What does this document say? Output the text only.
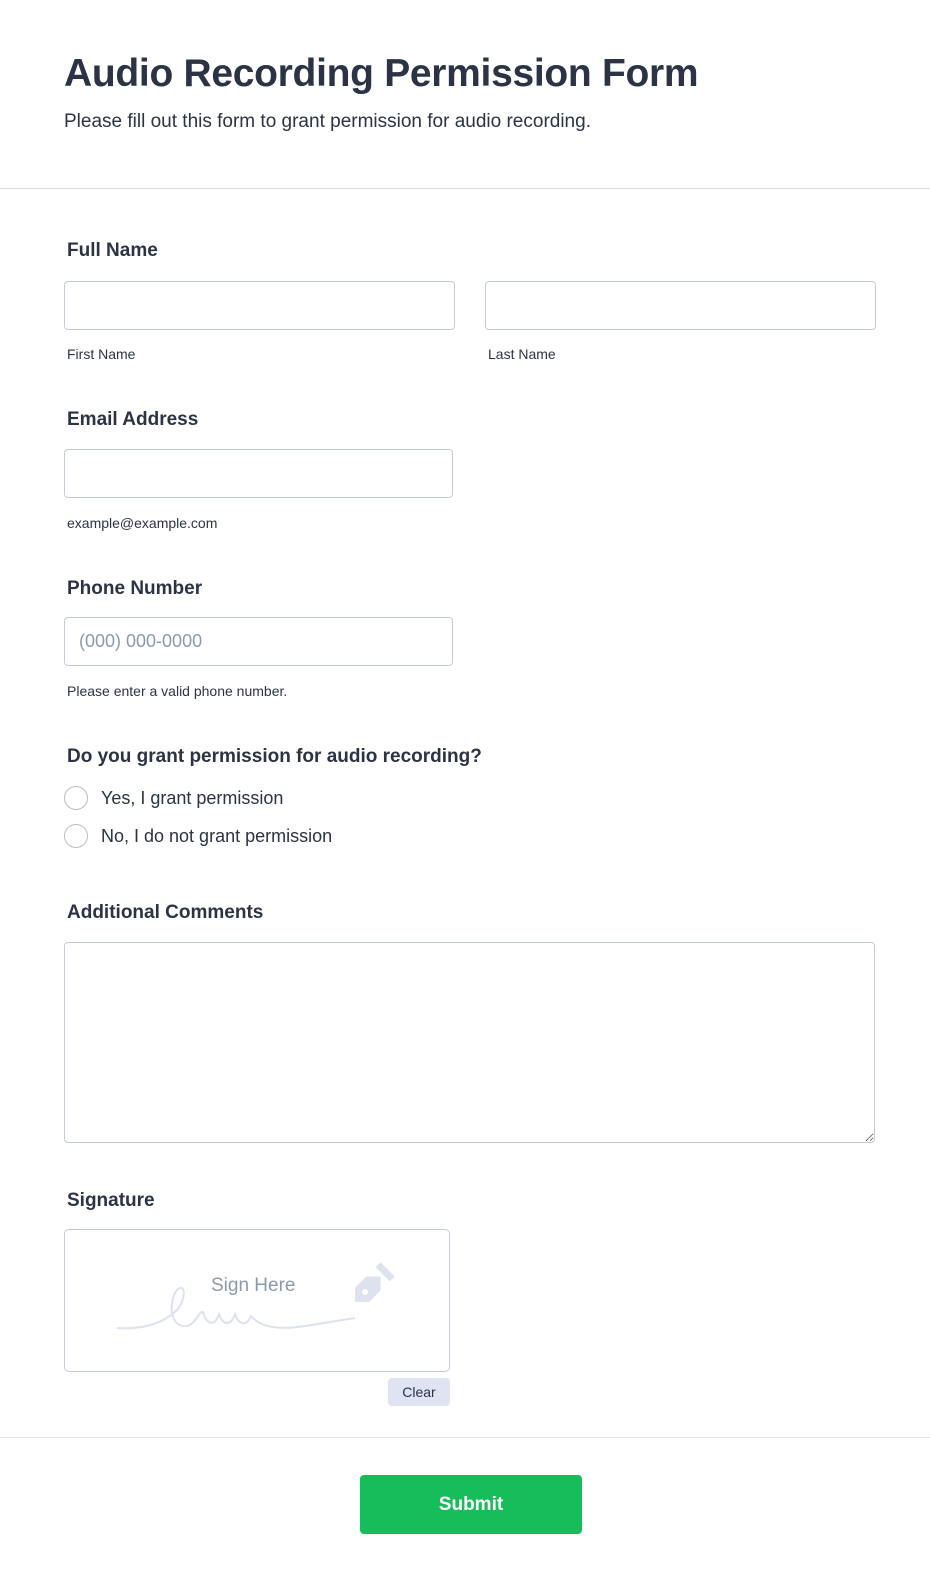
Audio Recording Permission Form
Please fill out this form to grant permission for audio recording.
Full Name
First Name	Last Name
Email Address
example@example.com
Phone Number
(000) 000-0000
Please enter a valid phone number.
Do you grant permission for audio recording?
Yes, I grant permission
No, I do not grant permission
Additional Comments
Signature
Sign Here
Clear
Submit
